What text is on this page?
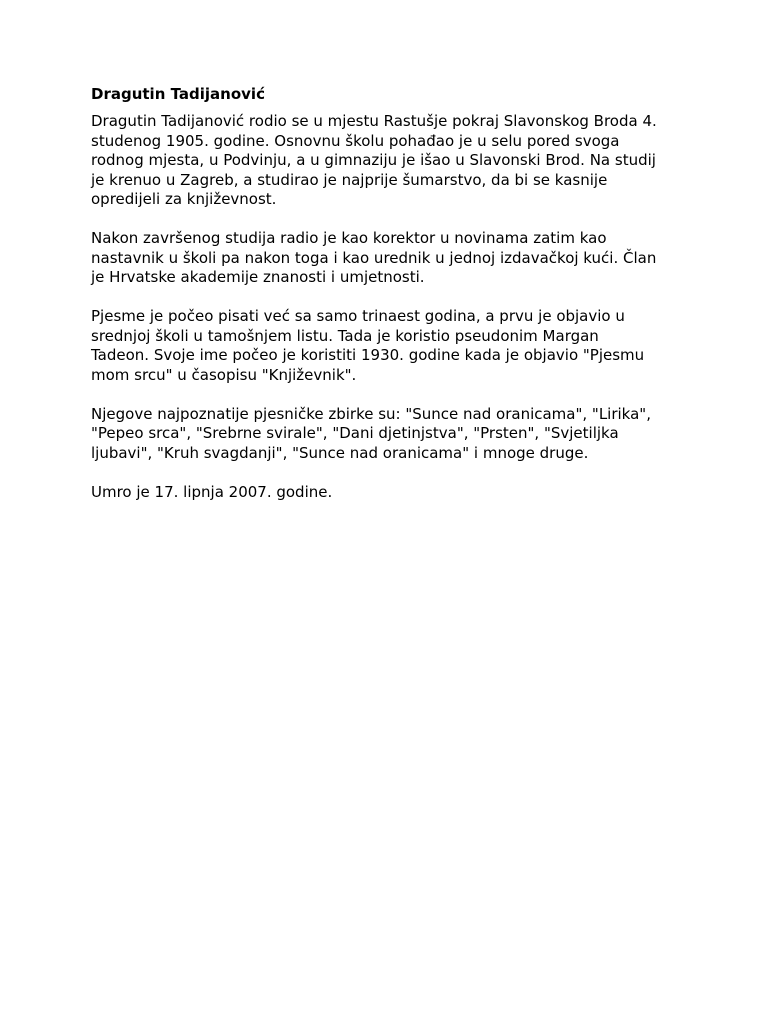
Dragutin Tadijanović
Dragutin Tadijanović rodio se u mjestu Rastušje pokraj Slavonskog Broda 4.
studenog 1905. godine. Osnovnu školu pohađao je u selu pored svoga
rodnog mjesta, u Podvinju, a u gimnaziju je išao u Slavonski Brod. Na studij
je krenuo u Zagreb, a studirao je najprije šumarstvo, da bi se kasnije
opredijeli za književnost.
Nakon završenog studija radio je kao korektor u novinama zatim kao
nastavnik u školi pa nakon toga i kao urednik u jednoj izdavačkoj kući. Član
je Hrvatske akademije znanosti i umjetnosti.
Pjesme je počeo pisati već sa samo trinaest godina, a prvu je objavio u
srednjoj školi u tamošnjem listu. Tada je koristio pseudonim Margan
Tadeon. Svoje ime počeo je koristiti 1930. godine kada je objavio "Pjesmu
mom srcu" u časopisu "Književnik".
Njegove najpoznatije pjesničke zbirke su: "Sunce nad oranicama", "Lirika",
"Pepeo srca", "Srebrne svirale", "Dani djetinjstva", "Prsten", "Svjetiljka
ljubavi", "Kruh svagdanji", "Sunce nad oranicama" i mnoge druge.
Umro je 17. lipnja 2007. godine.
